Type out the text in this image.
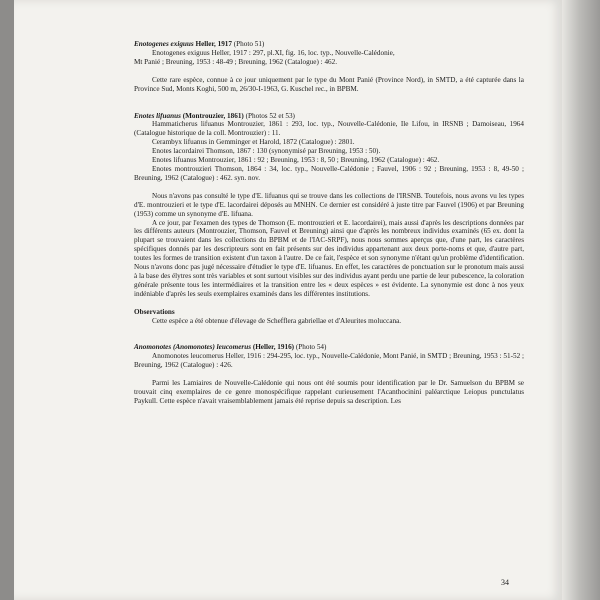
Enotogenes exiguus Heller, 1917 (Photo 51)

Enotogenes exiguus Heller, 1917 : 297, pl.XI, fig. 16, loc. typ., Nouvelle-Calédonie,

Mt Panié ; Breuning, 1953 : 48-49 ; Breuning, 1962 (Catalogue) : 462.

Cette rare espèce, connue à ce jour uniquement par le type du Mont Panié (Province Nord), in SMTD, a été capturée dans la Province Sud, Monts Koghi, 500 m, 26/30-I-1963, G. Kuschel rec., in BPBM.

Enotes lifuanus (Montrouzier, 1861) (Photos 52 et 53)

Hammaticherus lifuanus Montrouzier, 1861 : 293, loc. typ., Nouvelle-Calédonie, Ile Lifou, in IRSNB ; Damoiseau, 1964 (Catalogue historique de la coll. Montrouzier) : 11.

Cerambyx lifuanus in Gemminger et Harold, 1872 (Catalogue) : 2801.

Enotes lacordairei Thomson, 1867 : 130 (synonymisé par Breuning, 1953 : 50).

Enotes lifuanus Montrouzier, 1861 : 92 ; Breuning, 1953 : 8, 50 ; Breuning, 1962 (Catalogue) : 462.

Enotes montrouzieri Thomson, 1864 : 34, loc. typ., Nouvelle-Calédonie ; Fauvel, 1906 : 92 ; Breuning, 1953 : 8, 49-50 ; Breuning, 1962 (Catalogue) : 462. syn. nov.

Nous n'avons pas consulté le type d'E. lifuanus qui se trouve dans les collections de l'IRSNB. Toutefois, nous avons vu les types d'E. montrouzieri et le type d'E. lacordairei déposés au MNHN. Ce dernier est considéré à juste titre par Fauvel (1906) et par Breuning (1953) comme un synonyme d'E. lifuana.

A ce jour, par l'examen des types de Thomson (E. montrouzieri et E. lacordairei), mais aussi d'après les descriptions données par les différents auteurs (Montrouzier, Thomson, Fauvel et Breuning) ainsi que d'après les nombreux individus examinés (65 ex. dont la plupart se trouvaient dans les collections du BPBM et de l'IAC-SRPF), nous nous sommes aperçus que, d'une part, les caractères spécifiques donnés par les descripteurs sont en fait présents sur des individus appartenant aux deux porte-noms et que, d'autre part, toutes les formes de transition existent d'un taxon à l'autre. De ce fait, l'espèce et son synonyme n'étant qu'un problème d'identification. Nous n'avons donc pas jugé nécessaire d'étudier le type d'E. lifuanus. En effet, les caractères de ponctuation sur le pronotum mais aussi à la base des élytres sont très variables et sont surtout visibles sur des individus ayant perdu une partie de leur pubescence, la coloration générale présente tous les intermédiaires et la transition entre les « deux espèces » est évidente. La synonymie est donc à nos yeux indéniable d'après les seuls exemplaires examinés dans les différentes institutions.

Observations

Cette espèce a été obtenue d'élevage de Schefflera gabriellae et d'Aleurites moluccana.

Anomonotes (Anomonotes) leucomerus (Heller, 1916) (Photo 54)

Anomonotes leucomerus Heller, 1916 : 294-295, loc. typ., Nouvelle-Calédonie, Mont Panié, in SMTD ; Breuning, 1953 : 51-52 ; Breuning, 1962 (Catalogue) : 426.

Parmi les Lamiaires de Nouvelle-Calédonie qui nous ont été soumis pour identification par le Dr. Samuelson du BPBM se trouvait cinq exemplaires de ce genre monospécifique rappelant curieusement l'Acanthocinini paléarctique Leiopus punctulatus Paykull. Cette espèce n'avait vraisemblablement jamais été reprise depuis sa description. Les

34
